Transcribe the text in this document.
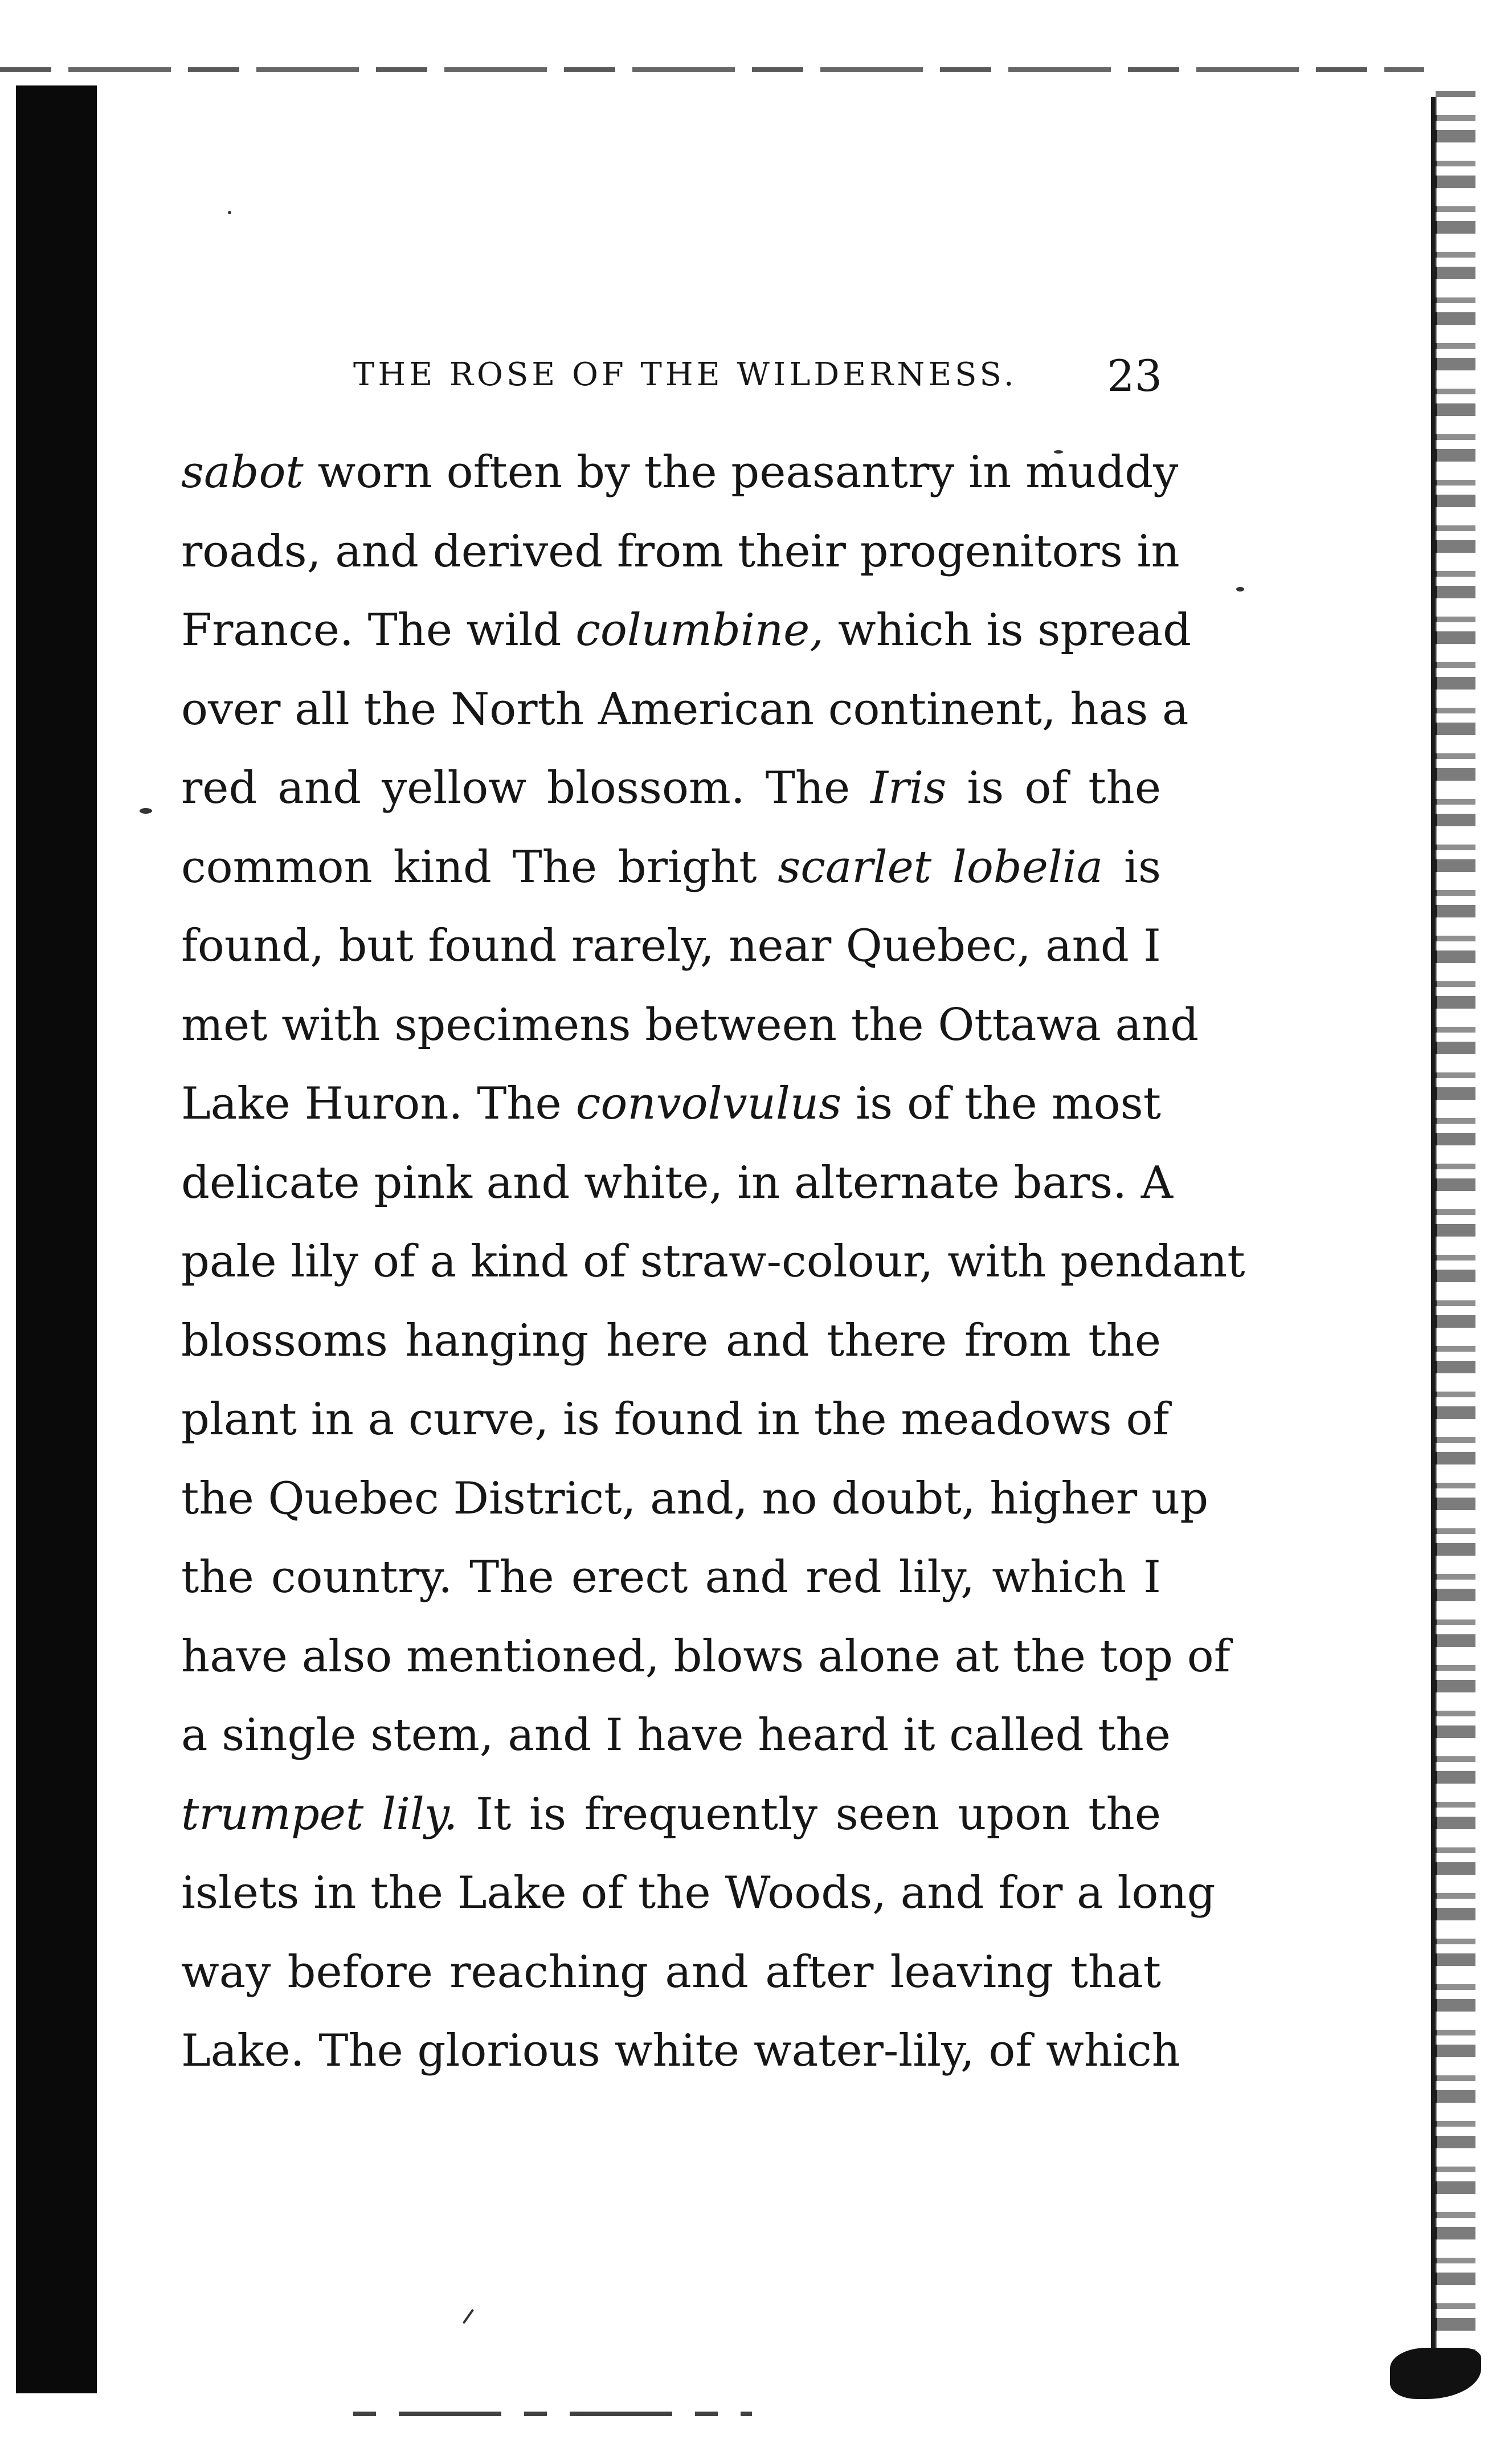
THE ROSE OF THE WILDERNESS. 23
sabot worn often by the peasantry in muddy
roads, and derived from their progenitors in
France. The wild columbine, which is spread
over all the North American continent, has a
red and yellow blossom. The Iris is of the
common kind The bright scarlet lobelia is
found, but found rarely, near Quebec, and I
met with specimens between the Ottawa and
Lake Huron. The convolvulus is of the most
delicate pink and white, in alternate bars. A
pale lily of a kind of straw-colour, with pendant
blossoms hanging here and there from the
plant in a curve, is found in the meadows of
the Quebec District, and, no doubt, higher up
the country. The erect and red lily, which I
have also mentioned, blows alone at the top of
a single stem, and I have heard it called the
trumpet lily. It is frequently seen upon the
islets in the Lake of the Woods, and for a long
way before reaching and after leaving that
Lake. The glorious white water-lily, of which
